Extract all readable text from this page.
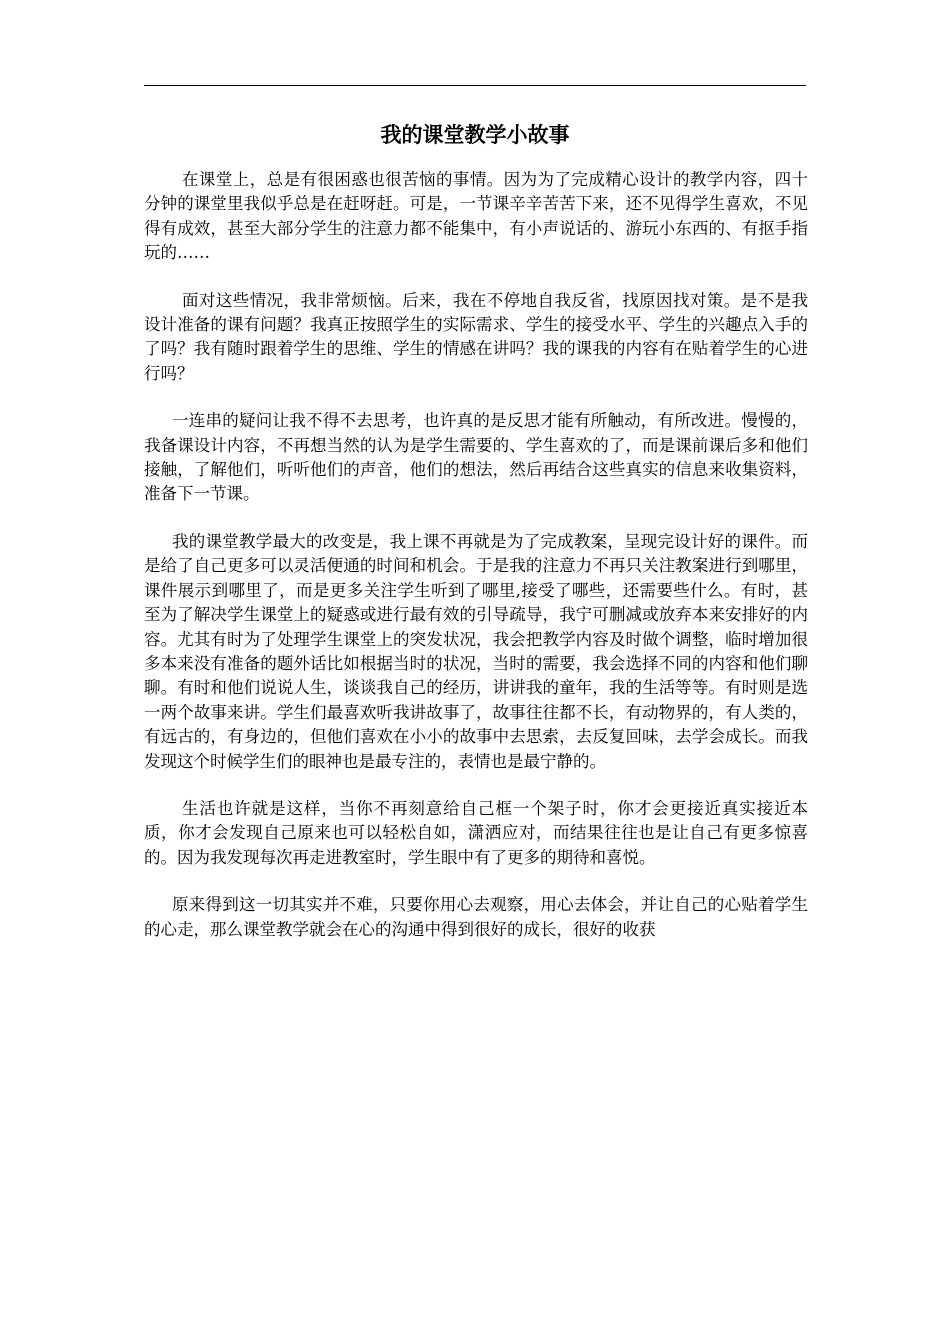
我的课堂教学小故事

在课堂上，总是有很困惑也很苦恼的事情。因为为了完成精心设计的教学内容，四十分钟的课堂里我似乎总是在赶呀赶。可是，一节课辛辛苦苦下来，还不见得学生喜欢，不见得有成效，甚至大部分学生的注意力都不能集中，有小声说话的、游玩小东西的、有抠手指玩的……

面对这些情况，我非常烦恼。后来，我在不停地自我反省，找原因找对策。是不是我设计准备的课有问题？我真正按照学生的实际需求、学生的接受水平、学生的兴趣点入手的了吗？我有随时跟着学生的思维、学生的情感在讲吗？我的课我的内容有在贴着学生的心进行吗？

一连串的疑问让我不得不去思考，也许真的是反思才能有所触动，有所改进。慢慢的，我备课设计内容，不再想当然的认为是学生需要的、学生喜欢的了，而是课前课后多和他们接触，了解他们，听听他们的声音，他们的想法，然后再结合这些真实的信息来收集资料，准备下一节课。

我的课堂教学最大的改变是，我上课不再就是为了完成教案，呈现完设计好的课件。而是给了自己更多可以灵活便通的时间和机会。于是我的注意力不再只关注教案进行到哪里，课件展示到哪里了，而是更多关注学生听到了哪里,接受了哪些，还需要些什么。有时，甚至为了解决学生课堂上的疑惑或进行最有效的引导疏导，我宁可删减或放弃本来安排好的内容。尤其有时为了处理学生课堂上的突发状况，我会把教学内容及时做个调整，临时增加很多本来没有准备的题外话比如根据当时的状况，当时的需要，我会选择不同的内容和他们聊聊。有时和他们说说人生，谈谈我自己的经历，讲讲我的童年，我的生活等等。有时则是选一两个故事来讲。学生们最喜欢听我讲故事了，故事往往都不长，有动物界的，有人类的，有远古的，有身边的，但他们喜欢在小小的故事中去思索，去反复回味，去学会成长。而我发现这个时候学生们的眼神也是最专注的，表情也是最宁静的。

生活也许就是这样，当你不再刻意给自己框一个架子时，你才会更接近真实接近本质，你才会发现自己原来也可以轻松自如，潇洒应对，而结果往往也是让自己有更多惊喜的。因为我发现每次再走进教室时，学生眼中有了更多的期待和喜悦。

原来得到这一切其实并不难，只要你用心去观察，用心去体会，并让自己的心贴着学生的心走，那么课堂教学就会在心的沟通中得到很好的成长，很好的收获
